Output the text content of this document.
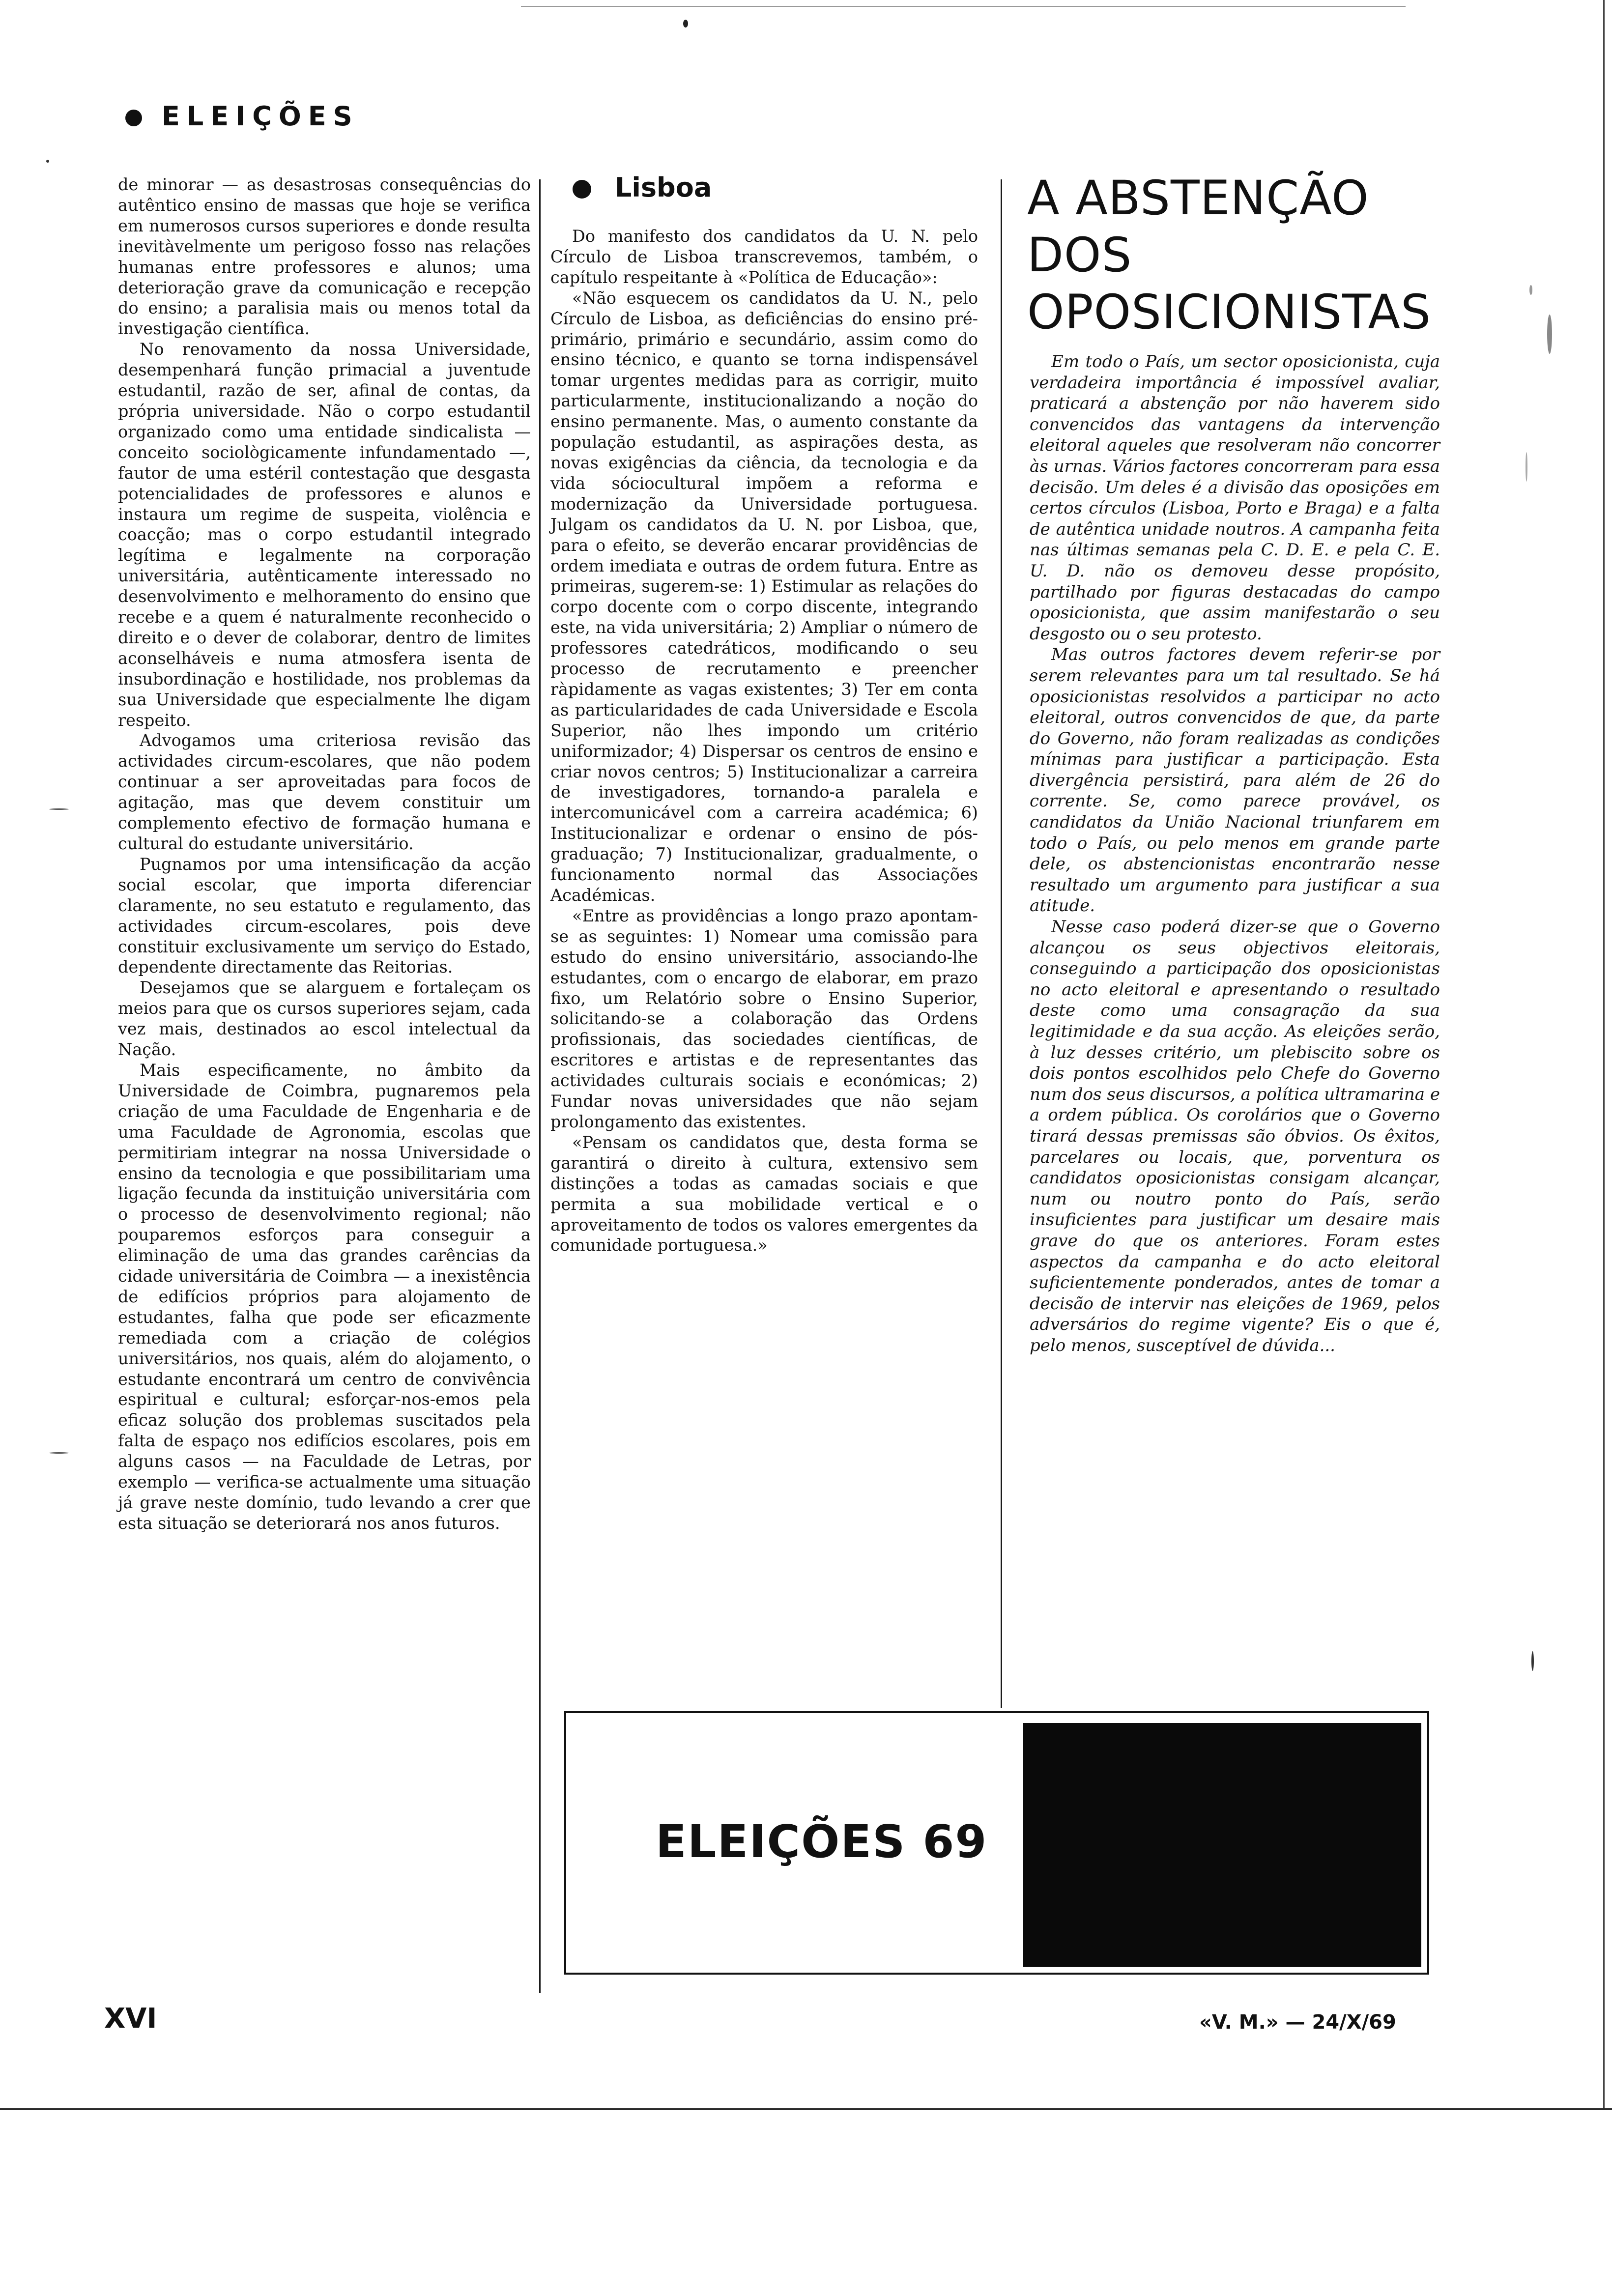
ELEIÇÕES

de minorar — as desastrosas consequências do autêntico ensino de massas que hoje se verifica em numerosos cursos superiores e donde resulta inevitàvelmente um perigoso fosso nas relações humanas entre professores e alunos; uma deterioração grave da comunicação e recepção do ensino; a paralisia mais ou menos total da investigação científica.

No renovamento da nossa Universidade, desempenhará função primacial a juventude estudantil, razão de ser, afinal de contas, da própria universidade. Não o corpo estudantil organizado como uma entidade sindicalista — conceito sociològicamente infundamentado —, fautor de uma estéril contestação que desgasta potencialidades de professores e alunos e instaura um regime de suspeita, violência e coacção; mas o corpo estudantil integrado legítima e legalmente na corporação universitária, autênticamente interessado no desenvolvimento e melhoramento do ensino que recebe e a quem é naturalmente reconhecido o direito e o dever de colaborar, dentro de limites aconselháveis e numa atmosfera isenta de insubordinação e hostilidade, nos problemas da sua Universidade que especialmente lhe digam respeito.

Advogamos uma criteriosa revisão das actividades circum-escolares, que não podem continuar a ser aproveitadas para focos de agitação, mas que devem constituir um complemento efectivo de formação humana e cultural do estudante universitário.

Pugnamos por uma intensificação da acção social escolar, que importa diferenciar claramente, no seu estatuto e regulamento, das actividades circum-escolares, pois deve constituir exclusivamente um serviço do Estado, dependente directamente das Reitorias.

Desejamos que se alarguem e fortaleçam os meios para que os cursos superiores sejam, cada vez mais, destinados ao escol intelectual da Nação.

Mais especificamente, no âmbito da Universidade de Coimbra, pugnaremos pela criação de uma Faculdade de Engenharia e de uma Faculdade de Agronomia, escolas que permitiriam integrar na nossa Universidade o ensino da tecnologia e que possibilitariam uma ligação fecunda da instituição universitária com o processo de desenvolvimento regional; não pouparemos esforços para conseguir a eliminação de uma das grandes carências da cidade universitária de Coimbra — a inexistência de edifícios próprios para alojamento de estudantes, falha que pode ser eficazmente remediada com a criação de colégios universitários, nos quais, além do alojamento, o estudante encontrará um centro de convivência espiritual e cultural; esforçar-nos-emos pela eficaz solução dos problemas suscitados pela falta de espaço nos edifícios escolares, pois em alguns casos — na Faculdade de Letras, por exemplo — verifica-se actualmente uma situação já grave neste domínio, tudo levando a crer que esta situação se deteriorará nos anos futuros.

Lisboa

Do manifesto dos candidatos da U. N. pelo Círculo de Lisboa transcrevemos, também, o capítulo respeitante à «Política de Educação»:

«Não esquecem os candidatos da U. N., pelo Círculo de Lisboa, as deficiências do ensino pré-primário, primário e secundário, assim como do ensino técnico, e quanto se torna indispensável tomar urgentes medidas para as corrigir, muito particularmente, institucionalizando a noção do ensino permanente. Mas, o aumento constante da população estudantil, as aspirações desta, as novas exigências da ciência, da tecnologia e da vida sóciocultural impõem a reforma e modernização da Universidade portuguesa. Julgam os candidatos da U. N. por Lisboa, que, para o efeito, se deverão encarar providências de ordem imediata e outras de ordem futura. Entre as primeiras, sugerem-se: 1) Estimular as relações do corpo docente com o corpo discente, integrando este, na vida universitária; 2) Ampliar o número de professores catedráticos, modificando o seu processo de recrutamento e preencher ràpidamente as vagas existentes; 3) Ter em conta as particularidades de cada Universidade e Escola Superior, não lhes impondo um critério uniformizador; 4) Dispersar os centros de ensino e criar novos centros; 5) Institucionalizar a carreira de investigadores, tornando-a paralela e intercomunicável com a carreira académica; 6) Institucionalizar e ordenar o ensino de pós-graduação; 7) Institucionalizar, gradualmente, o funcionamento normal das Associações Académicas.

«Entre as providências a longo prazo apontam-se as seguintes: 1) Nomear uma comissão para estudo do ensino universitário, associando-lhe estudantes, com o encargo de elaborar, em prazo fixo, um Relatório sobre o Ensino Superior, solicitando-se a colaboração das Ordens profissionais, das sociedades científicas, de escritores e artistas e de representantes das actividades culturais sociais e económicas; 2) Fundar novas universidades que não sejam prolongamento das existentes.

«Pensam os candidatos que, desta forma se garantirá o direito à cultura, extensivo sem distinções a todas as camadas sociais e que permita a sua mobilidade vertical e o aproveitamento de todos os valores emergentes da comunidade portuguesa.»

A ABSTENÇÃO
DOS
OPOSICIONISTAS

Em todo o País, um sector oposicionista, cuja verdadeira importância é impossível avaliar, praticará a abstenção por não haverem sido convencidos das vantagens da intervenção eleitoral aqueles que resolveram não concorrer às urnas. Vários factores concorreram para essa decisão. Um deles é a divisão das oposições em certos círculos (Lisboa, Porto e Braga) e a falta de autêntica unidade noutros. A campanha feita nas últimas semanas pela C. D. E. e pela C. E. U. D. não os demoveu desse propósito, partilhado por figuras destacadas do campo oposicionista, que assim manifestarão o seu desgosto ou o seu protesto.

Mas outros factores devem referir-se por serem relevantes para um tal resultado. Se há oposicionistas resolvidos a participar no acto eleitoral, outros convencidos de que, da parte do Governo, não foram realizadas as condições mínimas para justificar a participação. Esta divergência persistirá, para além de 26 do corrente. Se, como parece provável, os candidatos da União Nacional triunfarem em todo o País, ou pelo menos em grande parte dele, os abstencionistas encontrarão nesse resultado um argumento para justificar a sua atitude.

Nesse caso poderá dizer-se que o Governo alcançou os seus objectivos eleitorais, conseguindo a participação dos oposicionistas no acto eleitoral e apresentando o resultado deste como uma consagração da sua legitimidade e da sua acção. As eleições serão, à luz desses critério, um plebiscito sobre os dois pontos escolhidos pelo Chefe do Governo num dos seus discursos, a política ultramarina e a ordem pública. Os corolários que o Governo tirará dessas premissas são óbvios. Os êxitos, parcelares ou locais, que, porventura os candidatos oposicionistas consigam alcançar, num ou noutro ponto do País, serão insuficientes para justificar um desaire mais grave do que os anteriores. Foram estes aspectos da campanha e do acto eleitoral suficientemente ponderados, antes de tomar a decisão de intervir nas eleições de 1969, pelos adversários do regime vigente? Eis o que é, pelo menos, susceptível de dúvida...

ELEIÇÕES 69
XVI	«V. M.» — 24/X/69
